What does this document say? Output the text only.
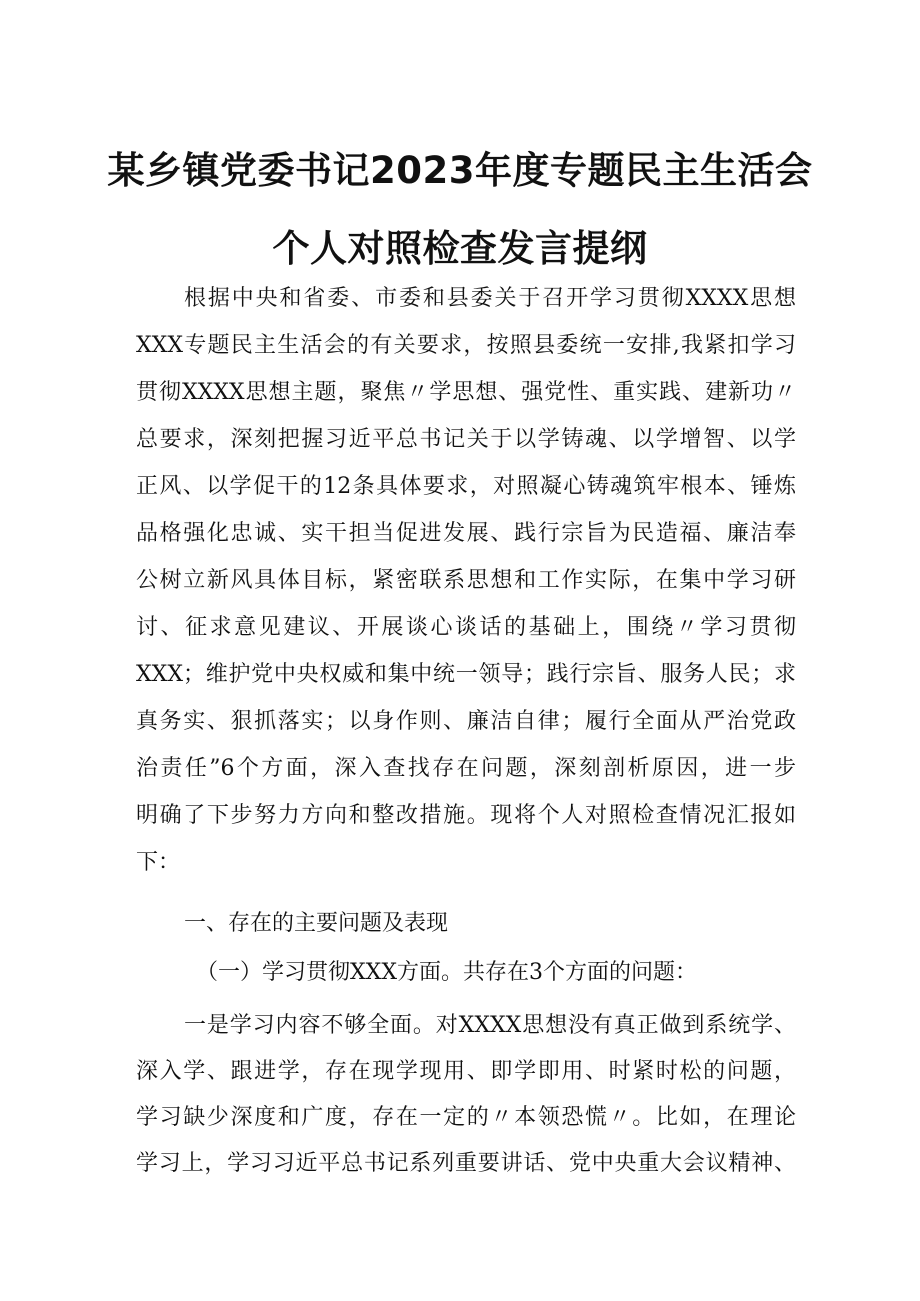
某乡镇党委书记2023年度专题民主生活会
个人对照检查发言提纲
根据中央和省委、市委和县委关于召开学习贯彻XXXX思想
XXX专题民主生活会的有关要求，按照县委统一安排,我紧扣学习
贯彻XXXX思想主题，聚焦〃学思想、强党性、重实践、建新功〃
总要求，深刻把握习近平总书记关于以学铸魂、以学增智、以学
正风、以学促干的12条具体要求，对照凝心铸魂筑牢根本、锤炼
品格强化忠诚、实干担当促进发展、践行宗旨为民造福、廉洁奉
公树立新风具体目标，紧密联系思想和工作实际，在集中学习研
讨、征求意见建议、开展谈心谈话的基础上，围绕〃学习贯彻
XXX；维护党中央权威和集中统一领导；践行宗旨、服务人民；求
真务实、狠抓落实；以身作则、廉洁自律；履行全面从严治党政
治责任”6个方面，深入查找存在问题，深刻剖析原因，进一步
明确了下步努力方向和整改措施。现将个人对照检查情况汇报如
下：
一、存在的主要问题及表现
（一）学习贯彻XXX方面。共存在3个方面的问题：
一是学习内容不够全面。对XXXX思想没有真正做到系统学、
深入学、跟进学，存在现学现用、即学即用、时紧时松的问题，
学习缺少深度和广度，存在一定的〃本领恐慌〃。比如，在理论
学习上，学习习近平总书记系列重要讲话、党中央重大会议精神、
